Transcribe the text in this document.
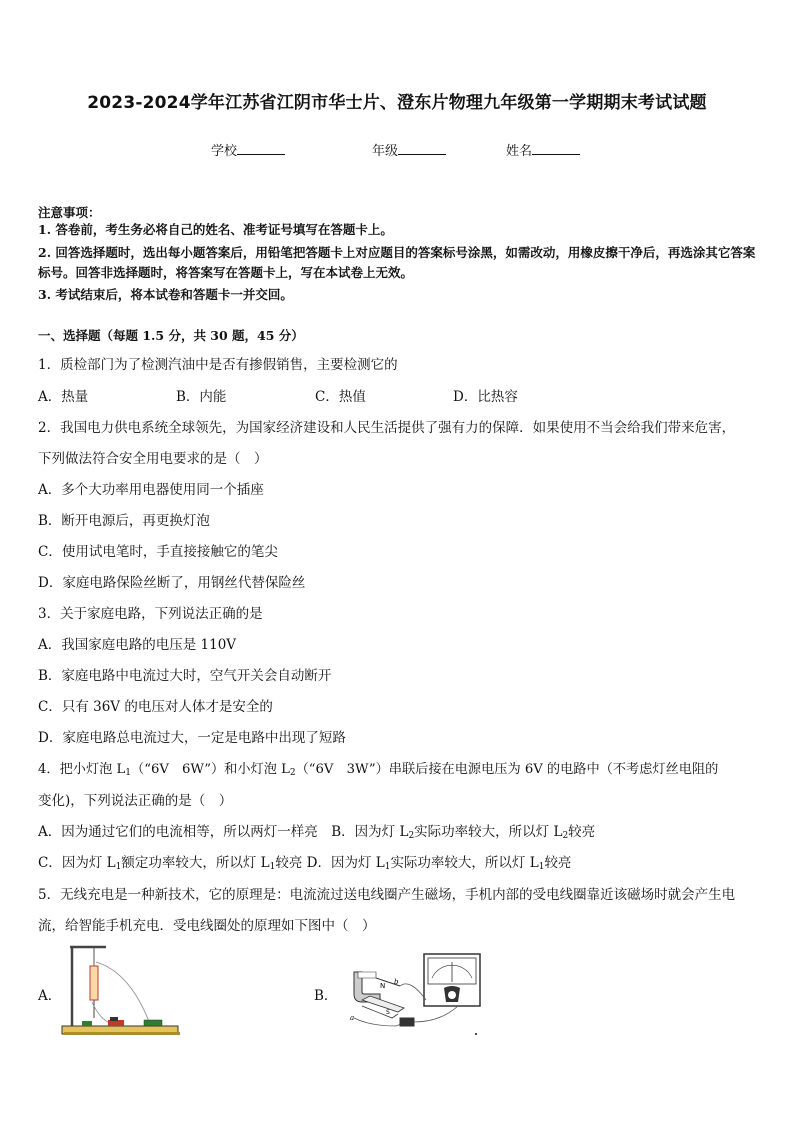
2023-2024学年江苏省江阴市华士片、澄东片物理九年级第一学期期末考试试题
学校	年级	姓名
注意事项：
1. 答卷前，考生务必将自己的姓名、准考证号填写在答题卡上。
2. 回答选择题时，选出每小题答案后，用铅笔把答题卡上对应题目的答案标号涂黑，如需改动，用橡皮擦干净后，再选涂其它答案标号。回答非选择题时，将答案写在答题卡上，写在本试卷上无效。
3. 考试结束后，将本试卷和答题卡一并交回。
一、选择题（每题 1.5 分，共 30 题，45 分）
1．质检部门为了检测汽油中是否有掺假销售，主要检测它的
A．热量	B．内能	C．热值	D．比热容
2．我国电力供电系统全球领先，为国家经济建设和人民生活提供了强有力的保障．如果使用不当会给我们带来危害，
下列做法符合安全用电要求的是（　）
A．多个大功率用电器使用同一个插座
B．断开电源后，再更换灯泡
C．使用试电笔时，手直接接触它的笔尖
D．家庭电路保险丝断了，用钢丝代替保险丝
3．关于家庭电路，下列说法正确的是
A．我国家庭电路的电压是 110V
B．家庭电路中电流过大时，空气开关会自动断开
C．只有 36V 的电压对人体才是安全的
D．家庭电路总电流过大，一定是电路中出现了短路
4．把小灯泡 $L_1(“6V$　6W”）和小灯泡 $L_2(“6V$　3W”）串联后接在电源电压为 6V 的电路中（不考虑灯丝电阻的
变化)，下列说法正确的是（　）
A．因为通过它们的电流相等，所以两灯一样亮　B．因为灯 $L_2$实际功率较大，所以灯 $L_2$较亮
C．因为灯 $L_1$额定功率较大，所以灯 $L_1$较亮 D．因为灯 $L_1$实际功率较大，所以灯 $L_1$较亮
5．无线充电是一种新技术，它的原理是：电流流过送电线圈产生磁场，手机内部的受电线圈靠近该磁场时就会产生电
流，给智能手机充电．受电线圈处的原理如下图中（　）
A．	B．
N
S
a
b
